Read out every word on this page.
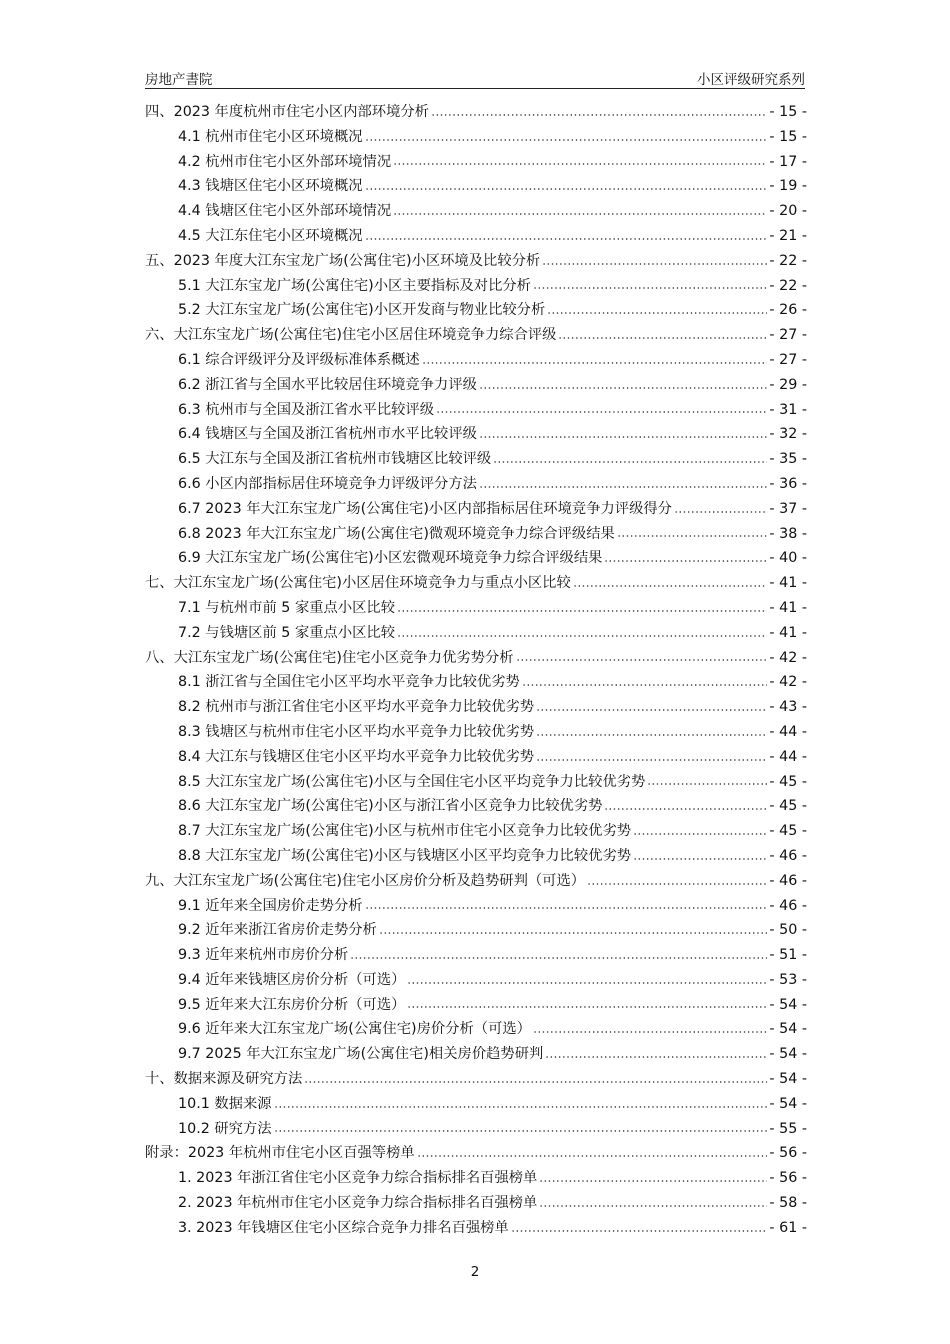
房地产書院	小区评级研究系列
四、2023 年度杭州市住宅小区内部环境分析	- 15 -
4.1 杭州市住宅小区环境概况	- 15 -
4.2 杭州市住宅小区外部环境情况	- 17 -
4.3 钱塘区住宅小区环境概况	- 19 -
4.4 钱塘区住宅小区外部环境情况	- 20 -
4.5 大江东住宅小区环境概况	- 21 -
五、2023 年度大江东宝龙广场(公寓住宅)小区环境及比较分析	- 22 -
5.1 大江东宝龙广场(公寓住宅)小区主要指标及对比分析	- 22 -
5.2 大江东宝龙广场(公寓住宅)小区开发商与物业比较分析	- 26 -
六、大江东宝龙广场(公寓住宅)住宅小区居住环境竞争力综合评级	- 27 -
6.1 综合评级评分及评级标准体系概述	- 27 -
6.2 浙江省与全国水平比较居住环境竞争力评级	- 29 -
6.3 杭州市与全国及浙江省水平比较评级	- 31 -
6.4 钱塘区与全国及浙江省杭州市水平比较评级	- 32 -
6.5 大江东与全国及浙江省杭州市钱塘区比较评级	- 35 -
6.6 小区内部指标居住环境竞争力评级评分方法	- 36 -
6.7 2023 年大江东宝龙广场(公寓住宅)小区内部指标居住环境竞争力评级得分	- 37 -
6.8 2023 年大江东宝龙广场(公寓住宅)微观环境竞争力综合评级结果	- 38 -
6.9 大江东宝龙广场(公寓住宅)小区宏微观环境竞争力综合评级结果	- 40 -
七、大江东宝龙广场(公寓住宅)小区居住环境竞争力与重点小区比较	- 41 -
7.1 与杭州市前 5 家重点小区比较	- 41 -
7.2 与钱塘区前 5 家重点小区比较	- 41 -
八、大江东宝龙广场(公寓住宅)住宅小区竞争力优劣势分析	- 42 -
8.1 浙江省与全国住宅小区平均水平竞争力比较优劣势	- 42 -
8.2 杭州市与浙江省住宅小区平均水平竞争力比较优劣势	- 43 -
8.3 钱塘区与杭州市住宅小区平均水平竞争力比较优劣势	- 44 -
8.4 大江东与钱塘区住宅小区平均水平竞争力比较优劣势	- 44 -
8.5 大江东宝龙广场(公寓住宅)小区与全国住宅小区平均竞争力比较优劣势	- 45 -
8.6 大江东宝龙广场(公寓住宅)小区与浙江省小区竞争力比较优劣势	- 45 -
8.7 大江东宝龙广场(公寓住宅)小区与杭州市住宅小区竞争力比较优劣势	- 45 -
8.8 大江东宝龙广场(公寓住宅)小区与钱塘区小区平均竞争力比较优劣势	- 46 -
九、大江东宝龙广场(公寓住宅)住宅小区房价分析及趋势研判（可选）	- 46 -
9.1 近年来全国房价走势分析	- 46 -
9.2 近年来浙江省房价走势分析	- 50 -
9.3 近年来杭州市房价分析	- 51 -
9.4 近年来钱塘区房价分析（可选）	- 53 -
9.5 近年来大江东房价分析（可选）	- 54 -
9.6 近年来大江东宝龙广场(公寓住宅)房价分析（可选）	- 54 -
9.7 2025 年大江东宝龙广场(公寓住宅)相关房价趋势研判	- 54 -
十、数据来源及研究方法	- 54 -
10.1 数据来源	- 54 -
10.2 研究方法	- 55 -
附录：2023 年杭州市住宅小区百强等榜单	- 56 -
1. 2023 年浙江省住宅小区竞争力综合指标排名百强榜单	- 56 -
2. 2023 年杭州市住宅小区竞争力综合指标排名百强榜单	- 58 -
3. 2023 年钱塘区住宅小区综合竞争力排名百强榜单	- 61 -
2
